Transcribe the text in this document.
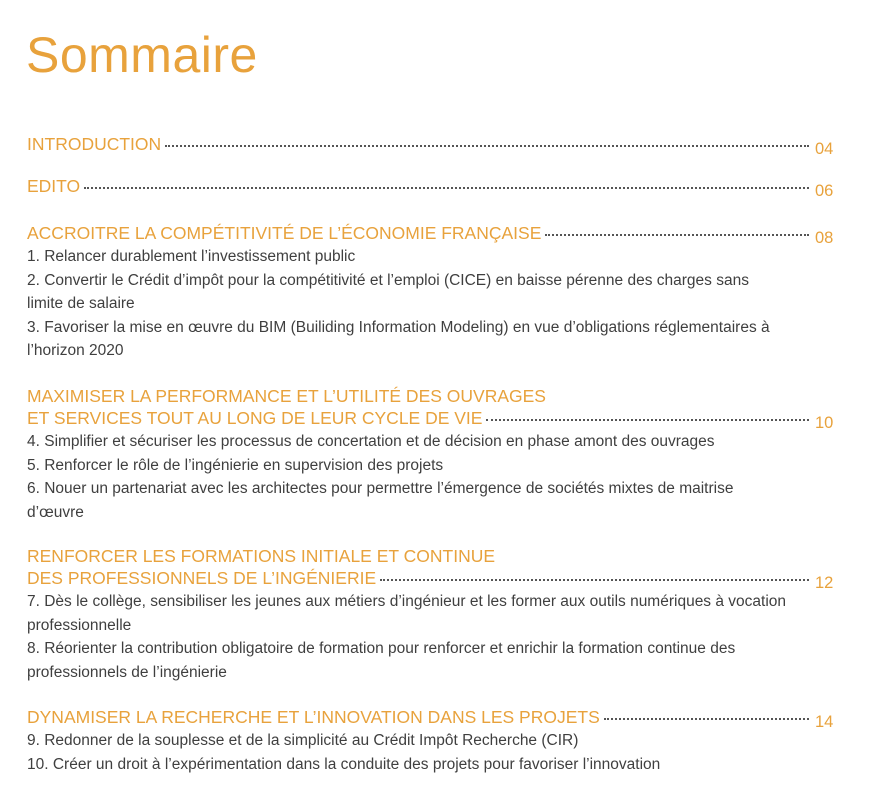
Sommaire
INTRODUCTION	04
EDITO	06
ACCROITRE LA COMPÉTITIVITÉ DE L’ÉCONOMIE FRANÇAISE	08
1. Relancer durablement l’investissement public
2. Convertir le Crédit d’impôt pour la compétitivité et l’emploi (CICE) en baisse pérenne des charges sans limite de salaire
3. Favoriser la mise en œuvre du BIM (Builiding Information Modeling) en vue d’obligations réglementaires à l’horizon 2020
MAXIMISER LA PERFORMANCE ET L’UTILITÉ DES OUVRAGES
ET SERVICES TOUT AU LONG DE LEUR CYCLE DE VIE	10
4. Simplifier et sécuriser les processus de concertation et de décision en phase amont des ouvrages
5. Renforcer le rôle de l’ingénierie en supervision des projets
6. Nouer un partenariat avec les architectes pour permettre l’émergence de sociétés mixtes de maitrise d’œuvre
RENFORCER LES FORMATIONS INITIALE ET CONTINUE
DES PROFESSIONNELS DE L’INGÉNIERIE	12
7. Dès le collège, sensibiliser les jeunes aux métiers d’ingénieur et les former aux outils numériques à vocation professionnelle
8. Réorienter la contribution obligatoire de formation pour renforcer et enrichir la formation continue des professionnels de l’ingénierie
DYNAMISER LA RECHERCHE ET L’INNOVATION DANS LES PROJETS	14
9. Redonner de la souplesse et de la simplicité au Crédit Impôt Recherche (CIR)
10. Créer un droit à l’expérimentation dans la conduite des projets pour favoriser l’innovation
